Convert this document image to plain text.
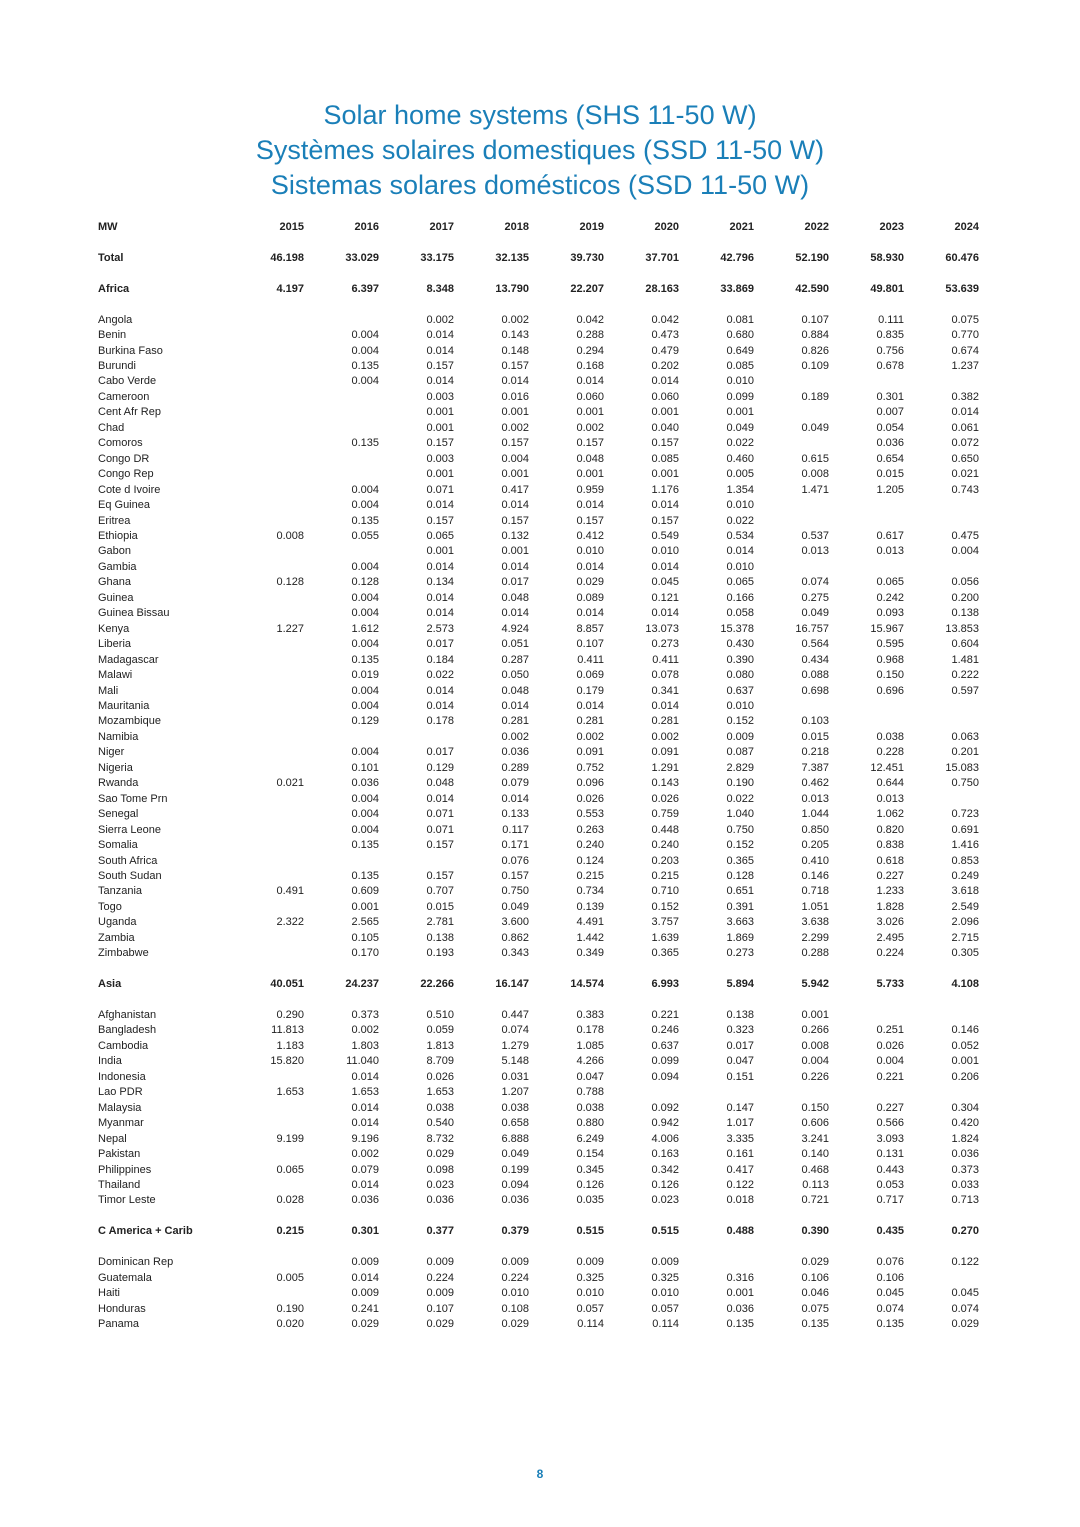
Solar home systems (SHS 11-50 W)
Systèmes solaires domestiques (SSD 11-50 W)
Sistemas solares domésticos (SSD 11-50 W)
MW	2015	2016	2017	2018	2019	2020	2021	2022	2023	2024

Total	46.198	33.029	33.175	32.135	39.730	37.701	42.796	52.190	58.930	60.476

Africa	4.197	6.397	8.348	13.790	22.207	28.163	33.869	42.590	49.801	53.639

Angola			0.002	0.002	0.042	0.042	0.081	0.107	0.111	0.075
Benin		0.004	0.014	0.143	0.288	0.473	0.680	0.884	0.835	0.770
Burkina Faso		0.004	0.014	0.148	0.294	0.479	0.649	0.826	0.756	0.674
Burundi		0.135	0.157	0.157	0.168	0.202	0.085	0.109	0.678	1.237
Cabo Verde		0.004	0.014	0.014	0.014	0.014	0.010			
Cameroon			0.003	0.016	0.060	0.060	0.099	0.189	0.301	0.382
Cent Afr Rep			0.001	0.001	0.001	0.001	0.001		0.007	0.014
Chad			0.001	0.002	0.002	0.040	0.049	0.049	0.054	0.061
Comoros		0.135	0.157	0.157	0.157	0.157	0.022		0.036	0.072
Congo DR			0.003	0.004	0.048	0.085	0.460	0.615	0.654	0.650
Congo Rep			0.001	0.001	0.001	0.001	0.005	0.008	0.015	0.021
Cote d Ivoire		0.004	0.071	0.417	0.959	1.176	1.354	1.471	1.205	0.743
Eq Guinea		0.004	0.014	0.014	0.014	0.014	0.010			
Eritrea		0.135	0.157	0.157	0.157	0.157	0.022			
Ethiopia	0.008	0.055	0.065	0.132	0.412	0.549	0.534	0.537	0.617	0.475
Gabon			0.001	0.001	0.010	0.010	0.014	0.013	0.013	0.004
Gambia		0.004	0.014	0.014	0.014	0.014	0.010			
Ghana	0.128	0.128	0.134	0.017	0.029	0.045	0.065	0.074	0.065	0.056
Guinea		0.004	0.014	0.048	0.089	0.121	0.166	0.275	0.242	0.200
Guinea Bissau		0.004	0.014	0.014	0.014	0.014	0.058	0.049	0.093	0.138
Kenya	1.227	1.612	2.573	4.924	8.857	13.073	15.378	16.757	15.967	13.853
Liberia		0.004	0.017	0.051	0.107	0.273	0.430	0.564	0.595	0.604
Madagascar		0.135	0.184	0.287	0.411	0.411	0.390	0.434	0.968	1.481
Malawi		0.019	0.022	0.050	0.069	0.078	0.080	0.088	0.150	0.222
Mali		0.004	0.014	0.048	0.179	0.341	0.637	0.698	0.696	0.597
Mauritania		0.004	0.014	0.014	0.014	0.014	0.010			
Mozambique		0.129	0.178	0.281	0.281	0.281	0.152	0.103		
Namibia				0.002	0.002	0.002	0.009	0.015	0.038	0.063
Niger		0.004	0.017	0.036	0.091	0.091	0.087	0.218	0.228	0.201
Nigeria		0.101	0.129	0.289	0.752	1.291	2.829	7.387	12.451	15.083
Rwanda	0.021	0.036	0.048	0.079	0.096	0.143	0.190	0.462	0.644	0.750
Sao Tome Prn		0.004	0.014	0.014	0.026	0.026	0.022	0.013	0.013	
Senegal		0.004	0.071	0.133	0.553	0.759	1.040	1.044	1.062	0.723
Sierra Leone		0.004	0.071	0.117	0.263	0.448	0.750	0.850	0.820	0.691
Somalia		0.135	0.157	0.171	0.240	0.240	0.152	0.205	0.838	1.416
South Africa				0.076	0.124	0.203	0.365	0.410	0.618	0.853
South Sudan		0.135	0.157	0.157	0.215	0.215	0.128	0.146	0.227	0.249
Tanzania	0.491	0.609	0.707	0.750	0.734	0.710	0.651	0.718	1.233	3.618
Togo		0.001	0.015	0.049	0.139	0.152	0.391	1.051	1.828	2.549
Uganda	2.322	2.565	2.781	3.600	4.491	3.757	3.663	3.638	3.026	2.096
Zambia		0.105	0.138	0.862	1.442	1.639	1.869	2.299	2.495	2.715
Zimbabwe		0.170	0.193	0.343	0.349	0.365	0.273	0.288	0.224	0.305

Asia	40.051	24.237	22.266	16.147	14.574	6.993	5.894	5.942	5.733	4.108

Afghanistan	0.290	0.373	0.510	0.447	0.383	0.221	0.138	0.001		
Bangladesh	11.813	0.002	0.059	0.074	0.178	0.246	0.323	0.266	0.251	0.146
Cambodia	1.183	1.803	1.813	1.279	1.085	0.637	0.017	0.008	0.026	0.052
India	15.820	11.040	8.709	5.148	4.266	0.099	0.047	0.004	0.004	0.001
Indonesia		0.014	0.026	0.031	0.047	0.094	0.151	0.226	0.221	0.206
Lao PDR	1.653	1.653	1.653	1.207	0.788					
Malaysia		0.014	0.038	0.038	0.038	0.092	0.147	0.150	0.227	0.304
Myanmar		0.014	0.540	0.658	0.880	0.942	1.017	0.606	0.566	0.420
Nepal	9.199	9.196	8.732	6.888	6.249	4.006	3.335	3.241	3.093	1.824
Pakistan		0.002	0.029	0.049	0.154	0.163	0.161	0.140	0.131	0.036
Philippines	0.065	0.079	0.098	0.199	0.345	0.342	0.417	0.468	0.443	0.373
Thailand		0.014	0.023	0.094	0.126	0.126	0.122	0.113	0.053	0.033
Timor Leste	0.028	0.036	0.036	0.036	0.035	0.023	0.018	0.721	0.717	0.713

C America + Carib	0.215	0.301	0.377	0.379	0.515	0.515	0.488	0.390	0.435	0.270

Dominican Rep		0.009	0.009	0.009	0.009	0.009		0.029	0.076	0.122
Guatemala	0.005	0.014	0.224	0.224	0.325	0.325	0.316	0.106	0.106	
Haiti		0.009	0.009	0.010	0.010	0.010	0.001	0.046	0.045	0.045
Honduras	0.190	0.241	0.107	0.108	0.057	0.057	0.036	0.075	0.074	0.074
Panama	0.020	0.029	0.029	0.029	0.114	0.114	0.135	0.135	0.135	0.029
8
